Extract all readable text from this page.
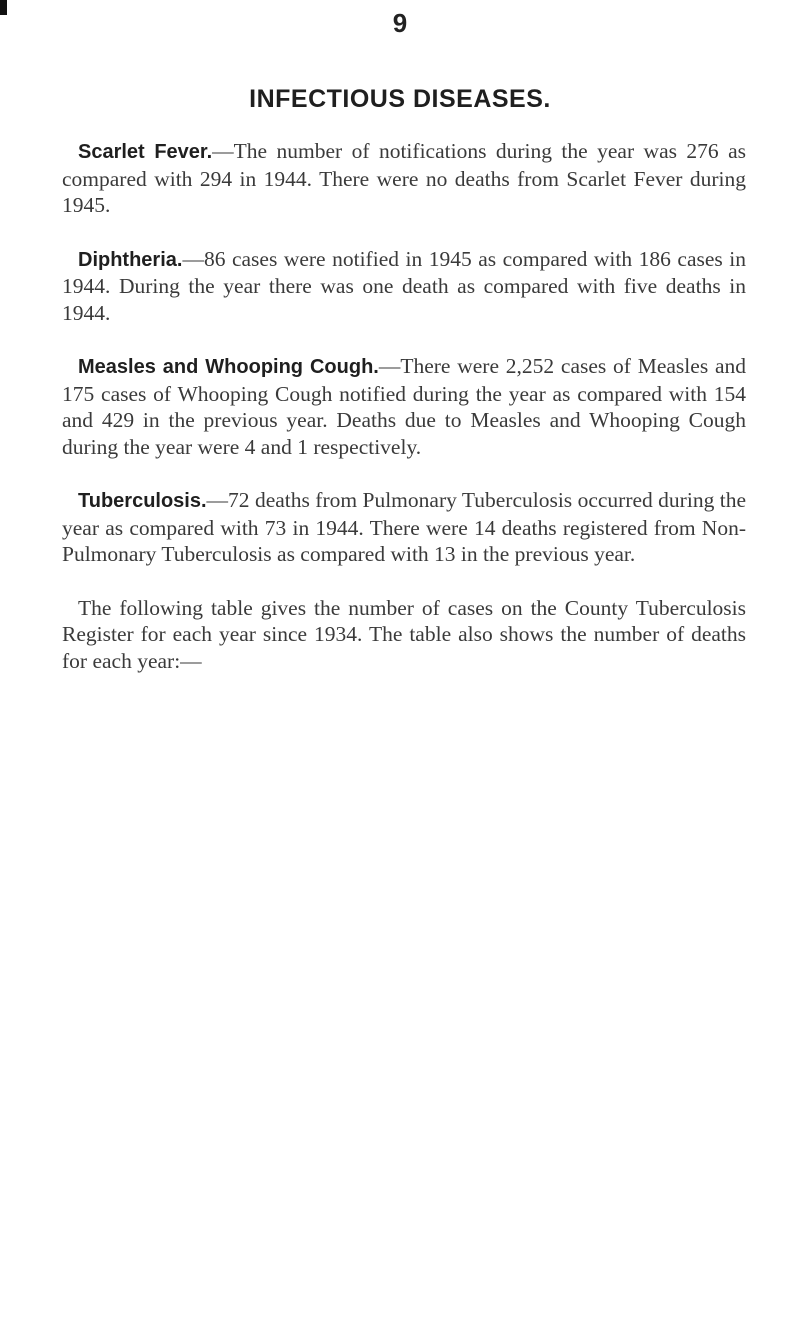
9
INFECTIOUS DISEASES.

Scarlet Fever.—The number of notifications during the year was 276 as compared with 294 in 1944. There were no deaths from Scarlet Fever during 1945.

Diphtheria.—86 cases were notified in 1945 as compared with 186 cases in 1944. During the year there was one death as compared with five deaths in 1944.

Measles and Whooping Cough.—There were 2,252 cases of Measles and 175 cases of Whooping Cough notified during the year as compared with 154 and 429 in the previous year. Deaths due to Measles and Whooping Cough during the year were 4 and 1 respectively.

Tuberculosis.—72 deaths from Pulmonary Tuberculosis occurred during the year as compared with 73 in 1944. There were 14 deaths registered from Non-Pulmonary Tuberculosis as compared with 13 in the previous year.

The following table gives the number of cases on the County Tuberculosis Register for each year since 1934. The table also shows the number of deaths for each year:—
